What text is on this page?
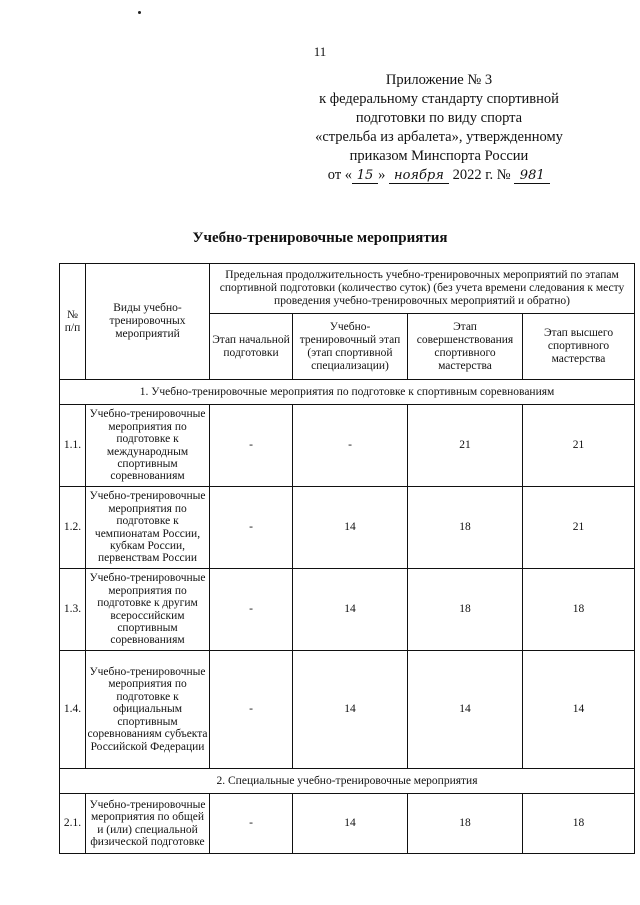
11
Приложение № 3
к федеральному стандарту спортивной
подготовки по виду спорта
«стрельба из арбалета», утвержденному
приказом Минспорта России
от « 15 » ноября 2022 г. № 981
Учебно-тренировочные мероприятия
№ п/п	Виды учебно-тренировочных мероприятий	Предельная продолжительность учебно-тренировочных мероприятий по этапам спортивной подготовки (количество суток) (без учета времени следования к месту проведения учебно-тренировочных мероприятий и обратно)			
		Этап начальной подготовки	Учебно-тренировочный этап (этап спортивной специализации)	Этап совершенствования спортивного мастерства	Этап высшего спортивного мастерства
1. Учебно-тренировочные мероприятия по подготовке к спортивным соревнованиям					
1.1.	Учебно-тренировочные мероприятия по подготовке к международным спортивным соревнованиям	-	-	21	21
1.2.	Учебно-тренировочные мероприятия по подготовке к чемпионатам России, кубкам России, первенствам России	-	14	18	21
1.3.	Учебно-тренировочные мероприятия по подготовке к другим всероссийским спортивным соревнованиям	-	14	18	18
1.4.	Учебно-тренировочные мероприятия по подготовке к официальным спортивным соревнованиям субъекта Российской Федерации	-	14	14	14
2. Специальные учебно-тренировочные мероприятия					
2.1.	Учебно-тренировочные мероприятия по общей и (или) специальной физической подготовке	-	14	18	18
